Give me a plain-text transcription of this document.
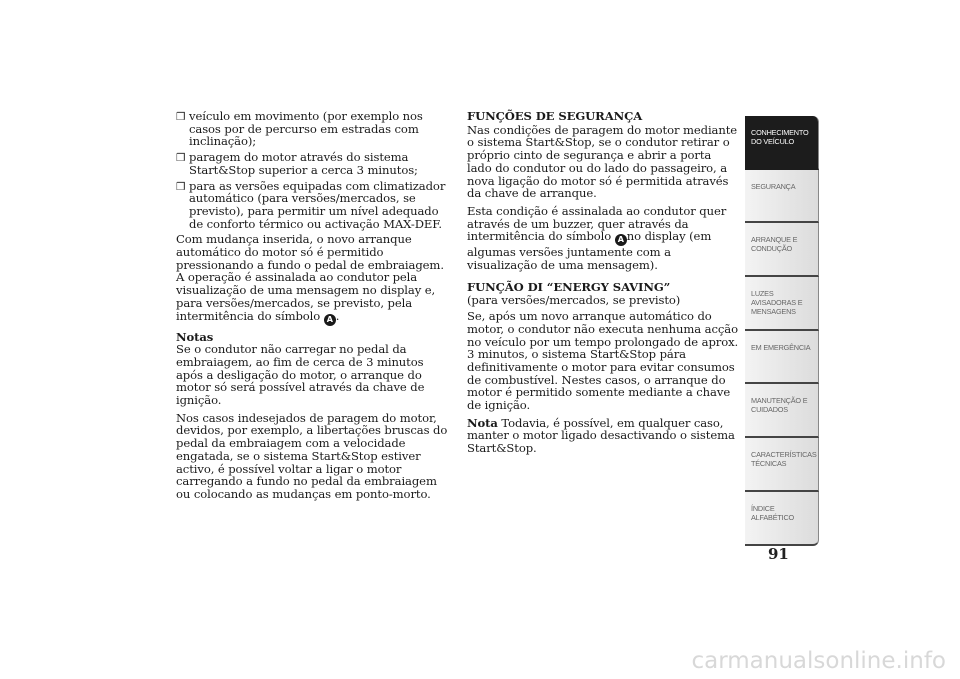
❒ veículo em movimento (por exemplo nos casos por de percurso em estradas com inclinação);
❒ paragem do motor através do sistema Start&Stop superior a cerca 3 minutos;
❒ para as versões equipadas com climatizador automático (para versões/mercados, se previsto), para permitir um nível adequado de conforto térmico ou activação MAX-DEF.

Com mudança inserida, o novo arranque automático do motor só é permitido pressionando a fundo o pedal de embraiagem. A operação é assinalada ao condutor pela visualização de uma mensagem no display e, para versões/mercados, se previsto, pela intermitência do símbolo A .

Notas

Se o condutor não carregar no pedal da embraiagem, ao fim de cerca de 3 minutos após a desligação do motor, o arranque do motor só será possível através da chave de ignição.

Nos casos indesejados de paragem do motor, devidos, por exemplo, a libertações bruscas do pedal da embraiagem com a velocidade engatada, se o sistema Start&Stop estiver activo, é possível voltar a ligar o motor carregando a fundo no pedal da embraiagem ou colocando as mudanças em ponto-morto.

FUNÇÕES DE SEGURANÇA

Nas condições de paragem do motor mediante o sistema Start&Stop, se o condutor retirar o próprio cinto de segurança e abrir a porta lado do condutor ou do lado do passageiro, a nova ligação do motor só é permitida através da chave de arranque.

Esta condição é assinalada ao condutor quer através de um buzzer, quer através da intermitência do símbolo A no display (em algumas versões juntamente com a visualização de uma mensagem).

FUNÇÃO DI “ENERGY SAVING”

(para versões/mercados, se previsto)

Se, após um novo arranque automático do motor, o condutor não executa nenhuma acção no veículo por um tempo prolongado de aprox. 3 minutos, o sistema Start&Stop pára definitivamente o motor para evitar consumos de combustível. Nestes casos, o arranque do motor é permitido somente mediante a chave de ignição.

Nota Todavia, é possível, em qualquer caso, manter o motor ligado desactivando o sistema Start&Stop.

CONHECIMENTO DO VEÍCULO
SEGURANÇA
ARRANQUE E CONDUÇÃO
LUZES AVISADORAS E MENSAGENS
EM EMERGÊNCIA
MANUTENÇÃO E CUIDADOS
CARACTERÍSTICAS TÉCNICAS
ÍNDICE ALFABÉTICO
91
carmanualsonline.info
